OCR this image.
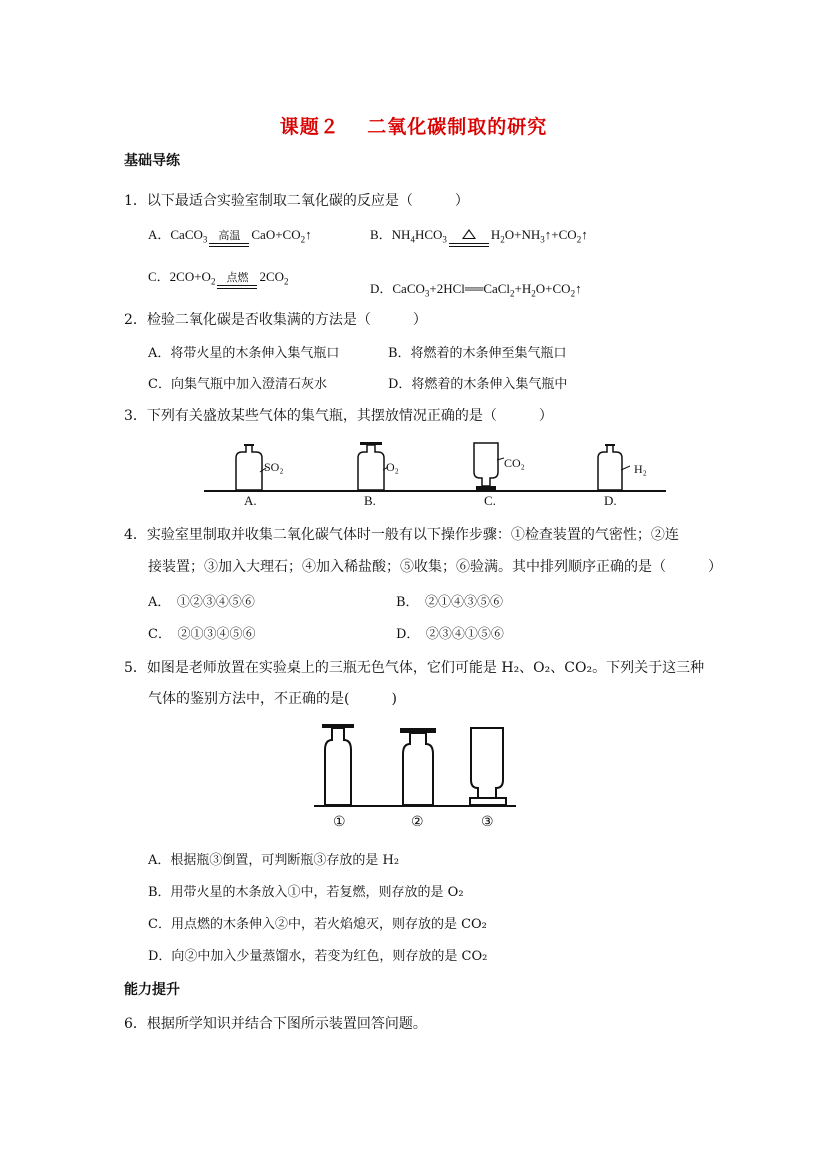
课题２　 二氧化碳制取的研究
基础导练
1．以下最适合实验室制取二氧化碳的反应是（　　　）
A．CaCO$_3$	高温 $CaO+CO_2↑$	B．$NH_4HCO_3$	$H_2O+NH_3↑+CO_2↑$
C．$2CO+O_2$	点燃 $2CO_2$	D．$CaCO_3+2HCl══CaCl_2+H_2O+CO_2↑$
2．检验二氧化碳是否收集满的方法是（　　　）
A．将带火星的木条伸入集气瓶口	B．将燃着的木条伸至集气瓶口
C．向集气瓶中加入澄清石灰水	D．将燃着的木条伸入集气瓶中
3．下列有关盛放某些气体的集气瓶，其摆放情况正确的是（　　　）
SO₂
A.
O₂
B.
CO₂
C.
H₂
D.
4．实验室里制取并收集二氧化碳气体时一般有以下操作步骤：①检查装置的气密性；②连
接装置；③加入大理石；④加入稀盐酸；⑤收集；⑥验满。其中排列顺序正确的是（　　　）
A．　①②③④⑤⑥	B．　②①④③⑤⑥
C．　②①③④⑤⑥	D．　②③④①⑤⑥
5．如图是老师放置在实验桌上的三瓶无色气体，它们可能是 H₂、O₂、CO₂。下列关于这三种
气体的鉴别方法中，不正确的是(　　　)
①	②	③
A．根据瓶③倒置，可判断瓶③存放的是 H₂
B．用带火星的木条放入①中，若复燃，则存放的是 O₂
C．用点燃的木条伸入②中，若火焰熄灭，则存放的是 CO₂
D．向②中加入少量蒸馏水，若变为红色，则存放的是 CO₂
能力提升
6．根据所学知识并结合下图所示装置回答问题。
